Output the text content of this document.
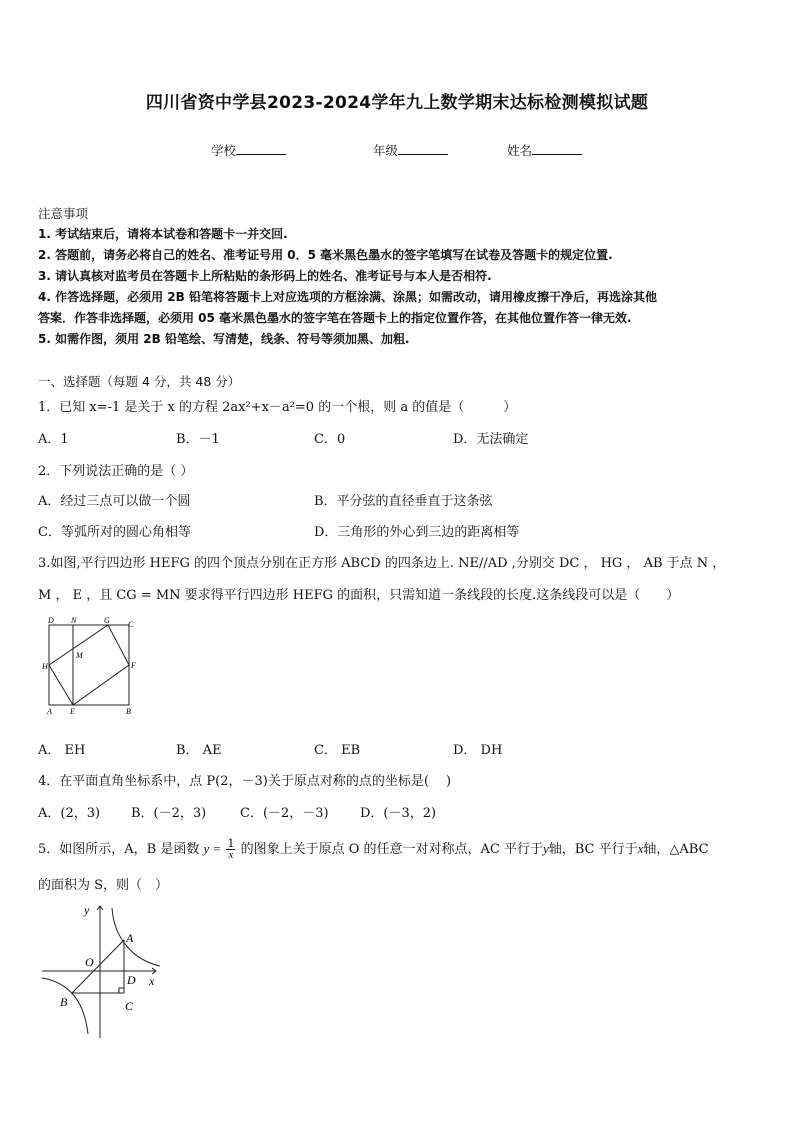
四川省资中学县2023-2024学年九上数学期末达标检测模拟试题
学校	年级	姓名
注意事项
1. 考试结束后，请将本试卷和答题卡一并交回.
2. 答题前，请务必将自己的姓名、准考证号用 0．5 毫米黑色墨水的签字笔填写在试卷及答题卡的规定位置.
3. 请认真核对监考员在答题卡上所粘贴的条形码上的姓名、准考证号与本人是否相符.
4. 作答选择题，必须用 2B 铅笔将答题卡上对应选项的方框涂满、涂黑；如需改动，请用橡皮擦干净后，再选涂其他
答案．作答非选择题，必须用 05 毫米黑色墨水的签字笔在答题卡上的指定位置作答，在其他位置作答一律无效.
5. 如需作图，须用 2B 铅笔绘、写清楚，线条、符号等须加黑、加粗.
一、选择题（每题 4 分，共 48 分）
1．已知 x=-1 是关于 x 的方程 2ax²+x－a²=0 的一个根，则 a 的值是（　　　）
A．1	B．－1	C．0	D．无法确定
2．下列说法正确的是（ ）
A．经过三点可以做一个圆	B．平分弦的直径垂直于这条弦
C．等弧所对的圆心角相等	D．三角形的外心到三边的距离相等
3.如图,平行四边形 HEFG 的四个顶点分别在正方形 ABCD 的四条边上. NE//AD ,分别交 DC ， HG ， AB 于点 N ，
M ， E ，且 CG = MN 要求得平行四边形 HEFG 的面积，只需知道一条线段的长度.这条线段可以是（　　）
D N	G C
M
H	F
A E	B
A． EH	B． AE	C． EB	D． DH
4．在平面直角坐标系中，点 P(2，－3)关于原点对称的点的坐标是(　 )
A．(2，3) B．(－2，3)	C．(－2，－3) D．(－3，2)
5．如图所示，A，B 是函数 $y = \frac{1}{x}$ 的图象上关于原点 O 的任意一对对称点，AC 平行于y轴，BC 平行于x轴，△ABC
的面积为 S，则（　）
y
x
O
A
D
B	C
